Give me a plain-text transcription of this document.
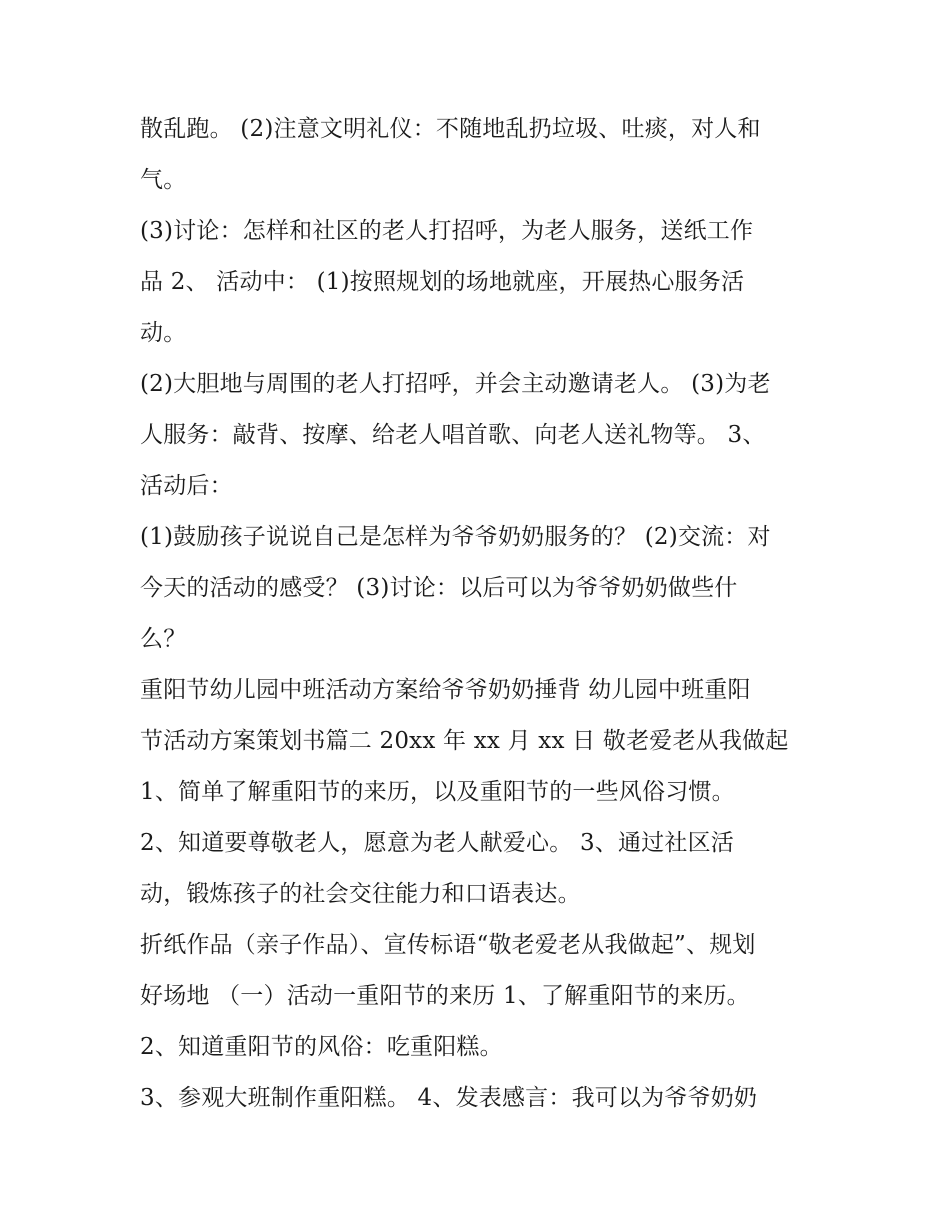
散乱跑。 (2)注意文明礼仪：不随地乱扔垃圾、吐痰，对人和
气。
(3)讨论：怎样和社区的老人打招呼，为老人服务，送纸工作
品 2、 活动中： (1)按照规划的场地就座，开展热心服务活
动。
(2)大胆地与周围的老人打招呼，并会主动邀请老人。 (3)为老
人服务：敲背、按摩、给老人唱首歌、向老人送礼物等。 3、
活动后：
(1)鼓励孩子说说自己是怎样为爷爷奶奶服务的？ (2)交流：对
今天的活动的感受？ (3)讨论：以后可以为爷爷奶奶做些什
么？
重阳节幼儿园中班活动方案给爷爷奶奶捶背 幼儿园中班重阳
节活动方案策划书篇二 20xx 年 xx 月 xx 日 敬老爱老从我做起
1、简单了解重阳节的来历，以及重阳节的一些风俗习惯。
2、知道要尊敬老人，愿意为老人献爱心。 3、通过社区活
动，锻炼孩子的社会交往能力和口语表达。
折纸作品（亲子作品）、宣传标语“敬老爱老从我做起”、规划
好场地 （一）活动一重阳节的来历 1、了解重阳节的来历。
2、知道重阳节的风俗：吃重阳糕。
3、参观大班制作重阳糕。 4、发表感言：我可以为爷爷奶奶
